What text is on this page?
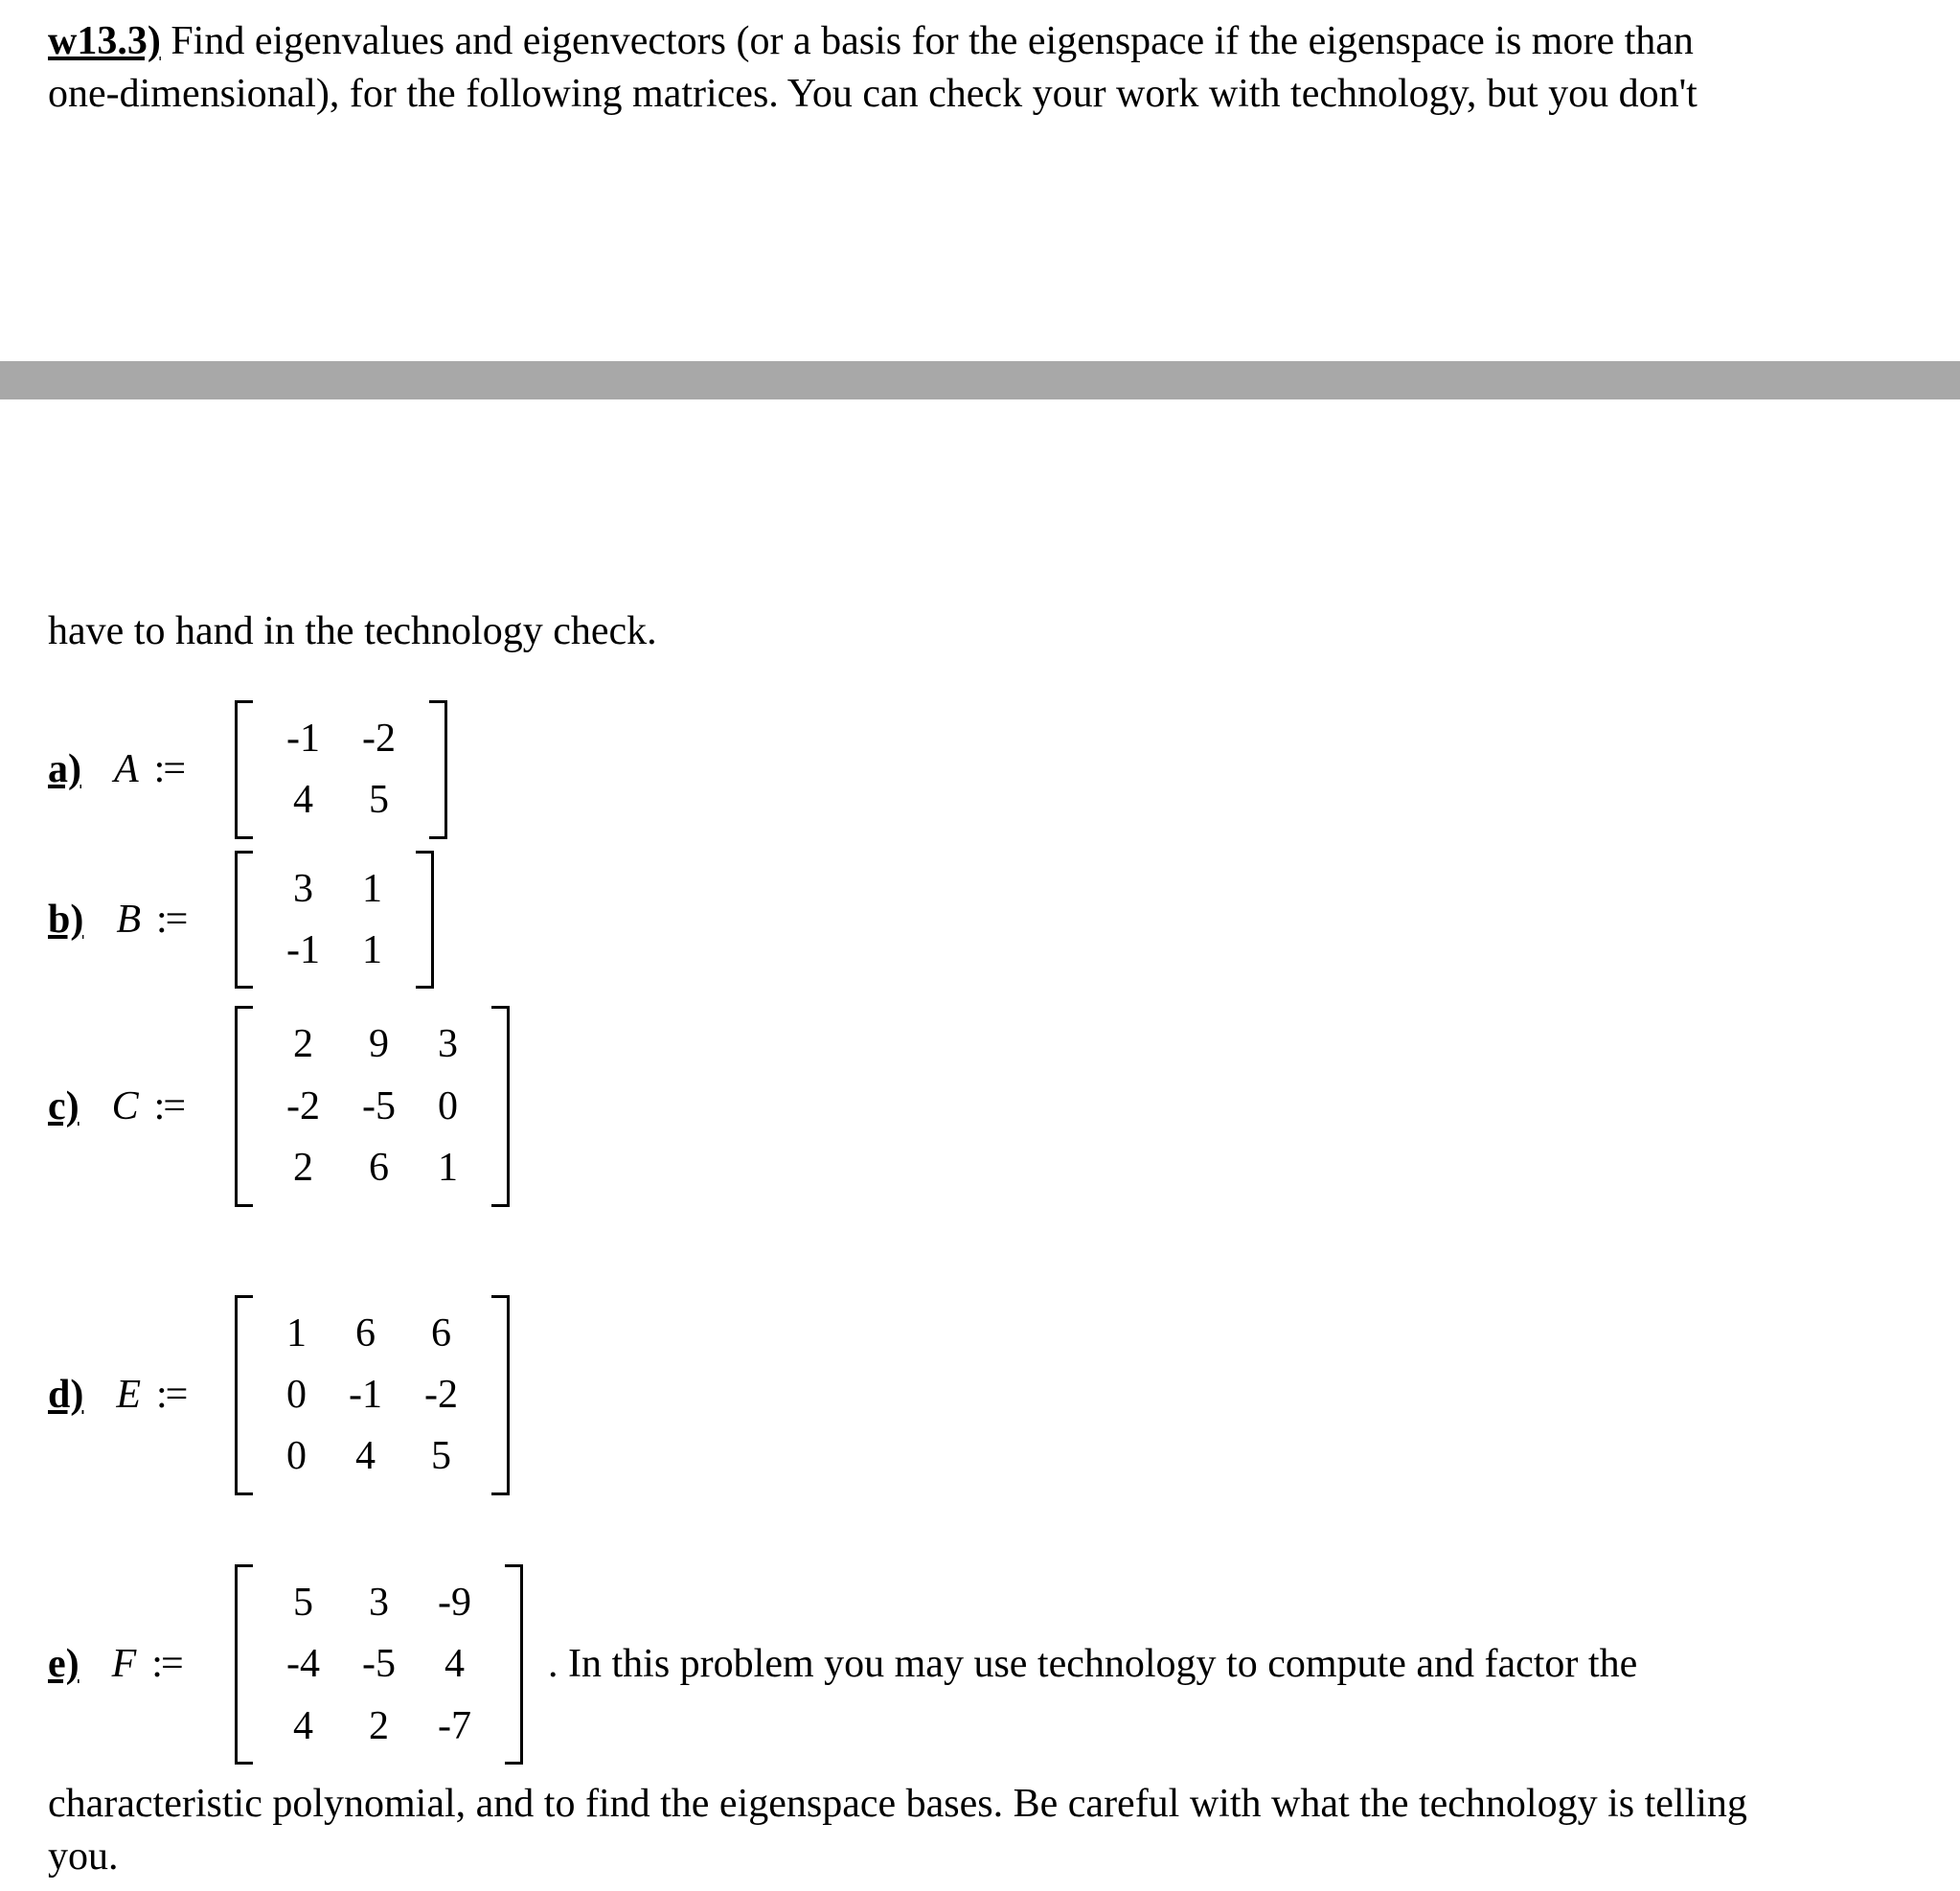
w13.3) Find eigenvalues and eigenvectors (or a basis for the eigenspace if the eigenspace is more than
one-dimensional), for the following matrices. You can check your work with technology, but you don't

have to hand in the technology check.

a) A :=
-1	-2
4	5
b) B :=
3	1
-1	1
c) C :=
2	9	3
-2	-5	0
2	6	1
d) E :=
1	6	6
0	-1	-2
0	4	5
e) F :=
5	3	-9
-4	-5	4
4	2	-7
. In this problem you may use technology to compute and factor the

characteristic polynomial, and to find the eigenspace bases. Be careful with what the technology is telling
you.
